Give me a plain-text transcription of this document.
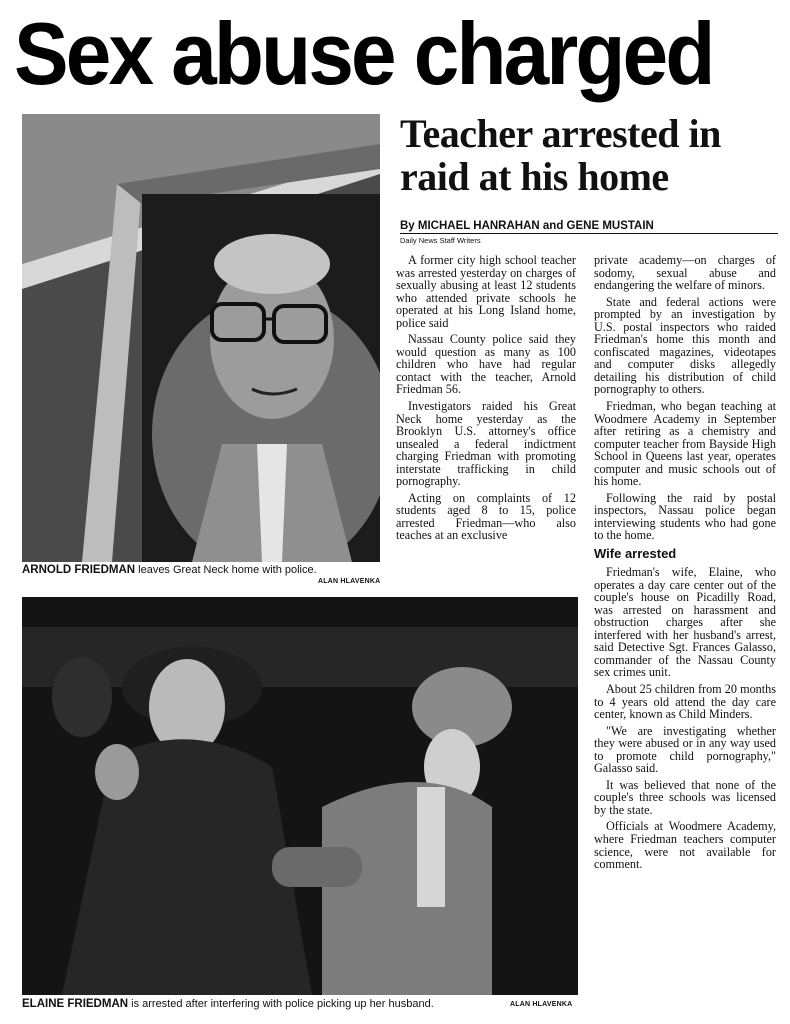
Sex abuse charged
ARNOLD FRIEDMAN leaves Great Neck home with police.
ALAN HLAVENKA
ELAINE FRIEDMAN is arrested after interfering with police picking up her husband.	ALAN HLAVENKA
Teacher arrested in raid at his home
By MICHAEL HANRAHAN and GENE MUSTAIN
Daily News Staff Writers

A former city high school teacher was arrested yesterday on charges of sexually abusing at least 12 students who attended private schools he operated at his Long Island home, police said

Nassau County police said they would question as many as 100 children who have had regular contact with the teacher, Arnold Friedman 56.

Investigators raided his Great Neck home yesterday as the Brooklyn U.S. attorney's office unsealed a federal indictment charging Friedman with promoting interstate trafficking in child pornography.

Acting on complaints of 12 students aged 8 to 15, police arrested Friedman—who also teaches at an exclusive

private academy—on charges of sodomy, sexual abuse and endangering the welfare of minors.

State and federal actions were prompted by an investigation by U.S. postal inspectors who raided Friedman's home this month and confiscated magazines, videotapes and computer disks allegedly detailing his distribution of child pornography to others.

Friedman, who began teaching at Woodmere Academy in September after retiring as a chemistry and computer teacher from Bayside High School in Queens last year, operates computer and music schools out of his home.

Following the raid by postal inspectors, Nassau police began interviewing students who had gone to the home.

Wife arrested

Friedman's wife, Elaine, who operates a day care center out of the couple's house on Picadilly Road, was arrested on harassment and obstruction charges after she interfered with her husband's arrest, said Detective Sgt. Frances Galasso, commander of the Nassau County sex crimes unit.

About 25 children from 20 months to 4 years old attend the day care center, known as Child Minders.

"We are investigating whether they were abused or in any way used to promote child pornography," Galasso said.

It was believed that none of the couple's three schools was licensed by the state.

Officials at Woodmere Academy, where Friedman teachers computer science, were not available for comment.
